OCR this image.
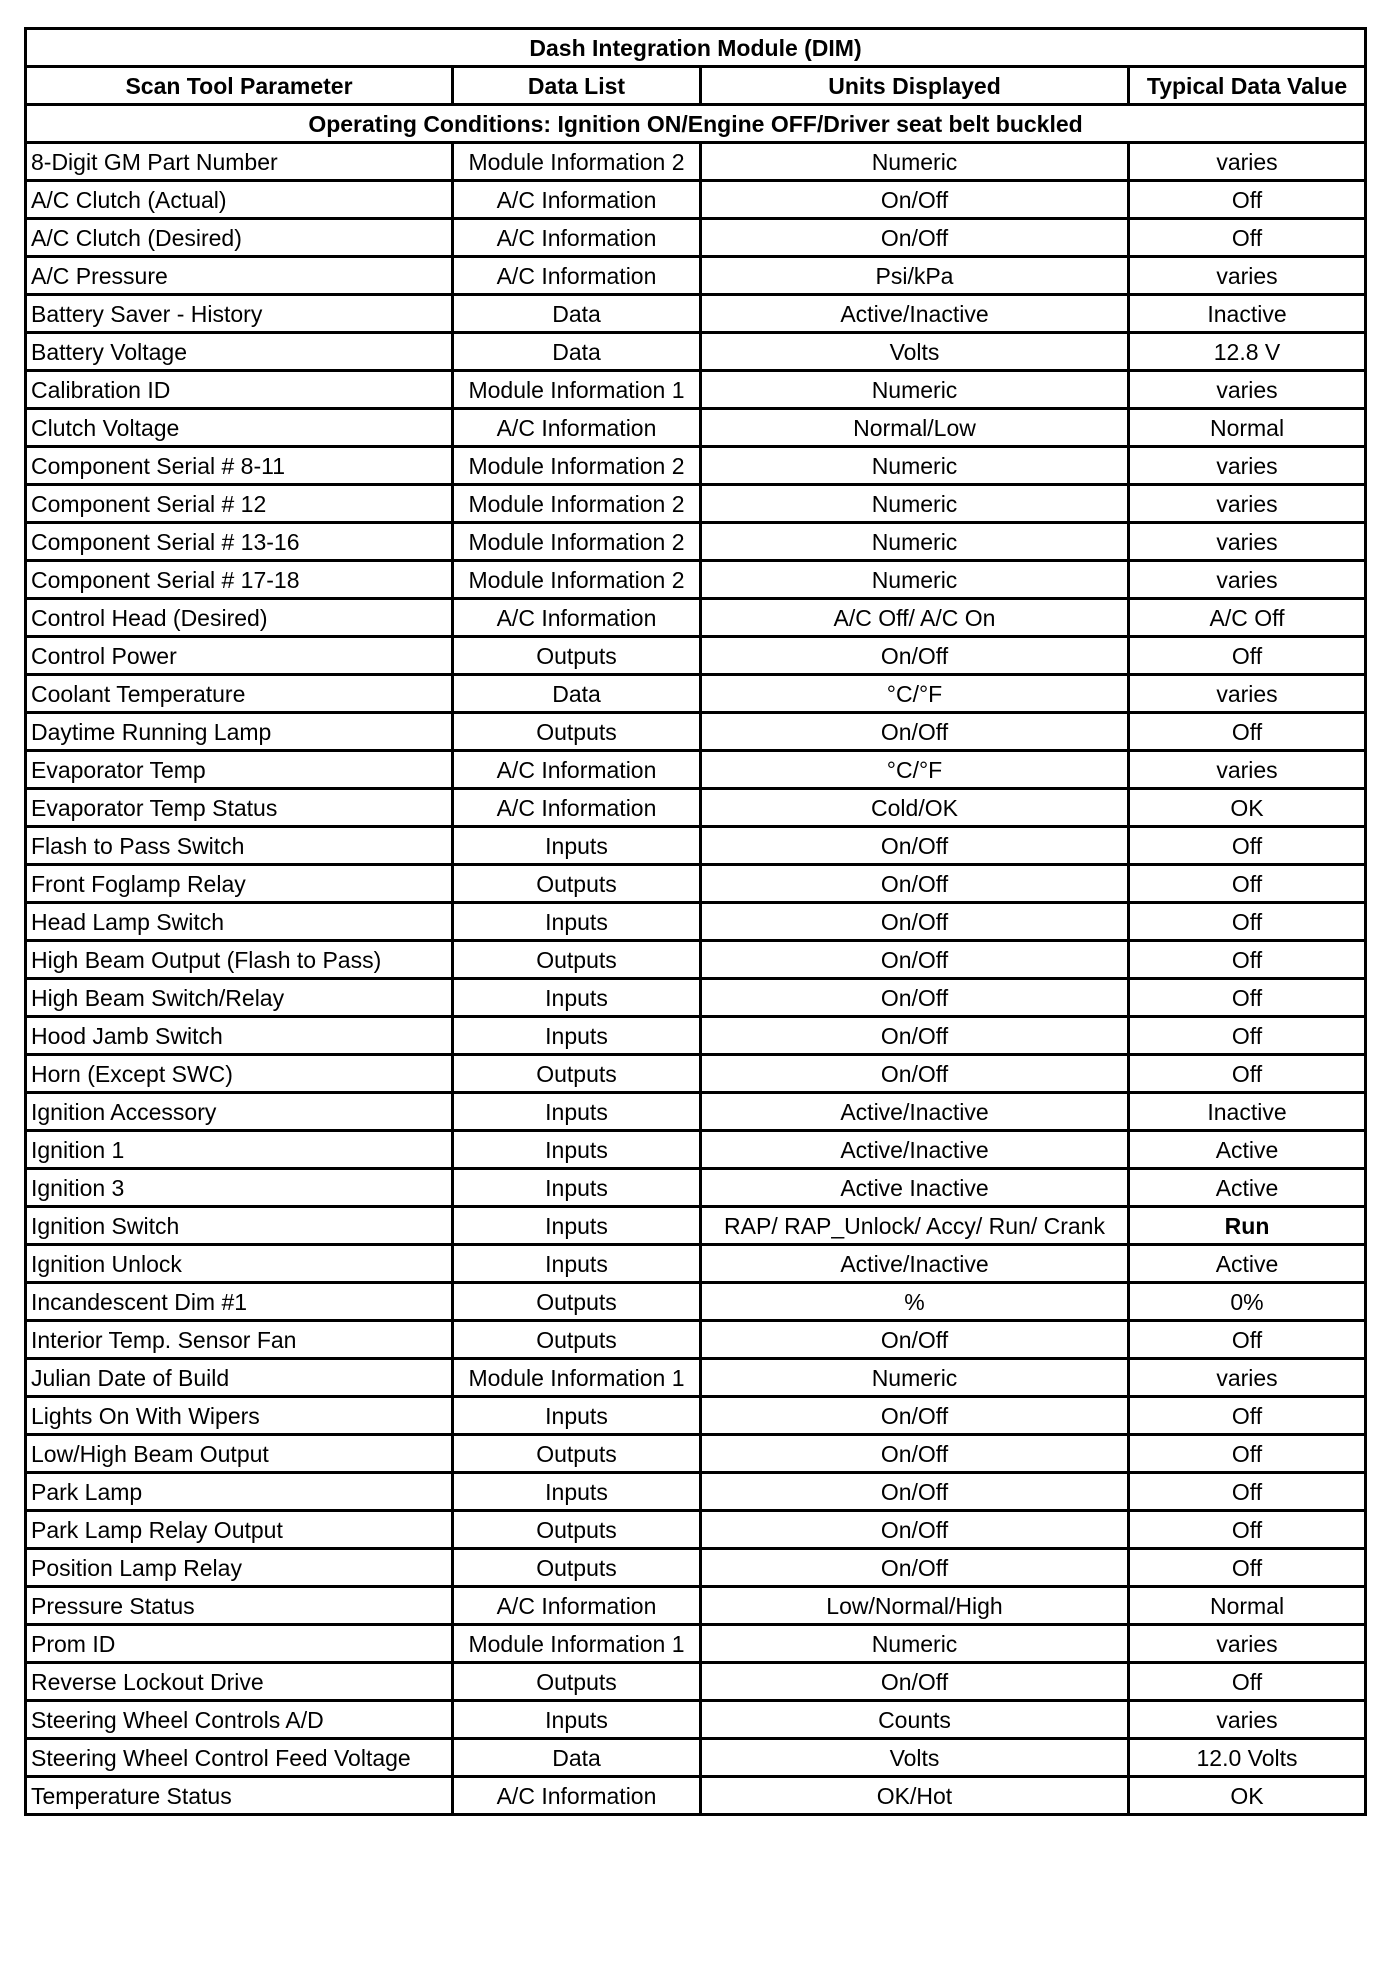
Dash Integration Module (DIM)			
Scan Tool Parameter	Data List	Units Displayed	Typical Data Value
Operating Conditions: Ignition ON/Engine OFF/Driver seat belt buckled			
8-Digit GM Part Number	Module Information 2	Numeric	varies
A/C Clutch (Actual)	A/C Information	On/Off	Off
A/C Clutch (Desired)	A/C Information	On/Off	Off
A/C Pressure	A/C Information	Psi/kPa	varies
Battery Saver - History	Data	Active/Inactive	Inactive
Battery Voltage	Data	Volts	12.8 V
Calibration ID	Module Information 1	Numeric	varies
Clutch Voltage	A/C Information	Normal/Low	Normal
Component Serial # 8-11	Module Information 2	Numeric	varies
Component Serial # 12	Module Information 2	Numeric	varies
Component Serial # 13-16	Module Information 2	Numeric	varies
Component Serial # 17-18	Module Information 2	Numeric	varies
Control Head (Desired)	A/C Information	A/C Off/ A/C On	A/C Off
Control Power	Outputs	On/Off	Off
Coolant Temperature	Data	°C/°F	varies
Daytime Running Lamp	Outputs	On/Off	Off
Evaporator Temp	A/C Information	°C/°F	varies
Evaporator Temp Status	A/C Information	Cold/OK	OK
Flash to Pass Switch	Inputs	On/Off	Off
Front Foglamp Relay	Outputs	On/Off	Off
Head Lamp Switch	Inputs	On/Off	Off
High Beam Output (Flash to Pass)	Outputs	On/Off	Off
High Beam Switch/Relay	Inputs	On/Off	Off
Hood Jamb Switch	Inputs	On/Off	Off
Horn (Except SWC)	Outputs	On/Off	Off
Ignition Accessory	Inputs	Active/Inactive	Inactive
Ignition 1	Inputs	Active/Inactive	Active
Ignition 3	Inputs	Active Inactive	Active
Ignition Switch	Inputs	RAP/ RAP_Unlock/ Accy/ Run/ Crank	Run
Ignition Unlock	Inputs	Active/Inactive	Active
Incandescent Dim #1	Outputs	%	0%
Interior Temp. Sensor Fan	Outputs	On/Off	Off
Julian Date of Build	Module Information 1	Numeric	varies
Lights On With Wipers	Inputs	On/Off	Off
Low/High Beam Output	Outputs	On/Off	Off
Park Lamp	Inputs	On/Off	Off
Park Lamp Relay Output	Outputs	On/Off	Off
Position Lamp Relay	Outputs	On/Off	Off
Pressure Status	A/C Information	Low/Normal/High	Normal
Prom ID	Module Information 1	Numeric	varies
Reverse Lockout Drive	Outputs	On/Off	Off
Steering Wheel Controls A/D	Inputs	Counts	varies
Steering Wheel Control Feed Voltage	Data	Volts	12.0 Volts
Temperature Status	A/C Information	OK/Hot	OK
